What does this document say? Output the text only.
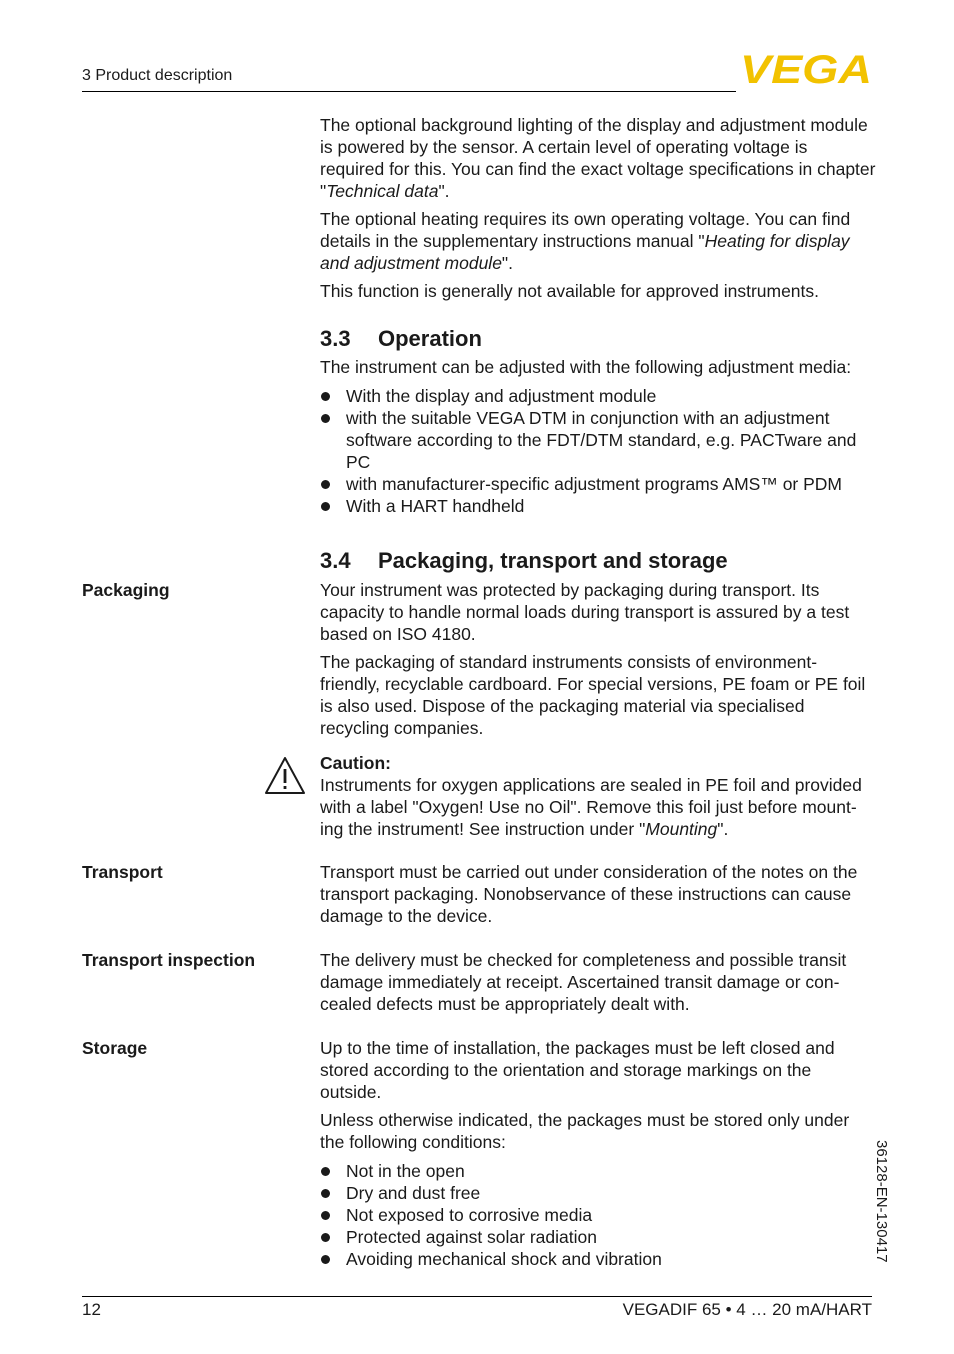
3 Product description	VEGA

The optional background lighting of the display and adjustment module is powered by the sensor. A certain level of operating voltage is required for this. You can find the exact voltage specifications in chapter "Technical data".

The optional heating requires its own operating voltage. You can find details in the supplementary instructions manual "Heating for display and adjustment module".

This function is generally not available for approved instruments.

3.3 Operation

The instrument can be adjusted with the following adjustment media:

With the display and adjustment module
with the suitable VEGA DTM in conjunction with an adjustment software according to the FDT/DTM standard, e.g. PACTware and PC
with manufacturer-specific adjustment programs AMS™ or PDM
With a HART handheld
3.4 Packaging, transport and storage
Packaging	Your instrument was protected by packaging during transport. Its capacity to handle normal loads during transport is assured by a test based on ISO 4180.

The packaging of standard instruments consists of environment-friendly, recyclable cardboard. For special versions, PE foam or PE foil is also used. Dispose of the packaging material via specialised recycling companies.

Caution:

Instruments for oxygen applications are sealed in PE foil and provided with a label "Oxygen! Use no Oil". Remove this foil just before mount-ing the instrument! See instruction under "Mounting".

Transport	Transport must be carried out under consideration of the notes on the transport packaging. Nonobservance of these instructions can cause damage to the device.
Transport inspection	The delivery must be checked for completeness and possible transit damage immediately at receipt. Ascertained transit damage or con-cealed defects must be appropriately dealt with.
Storage	Up to the time of installation, the packages must be left closed and stored according to the orientation and storage markings on the outside.

Unless otherwise indicated, the packages must be stored only under the following conditions:

Not in the open
Dry and dust free
Not exposed to corrosive media
Protected against solar radiation
Avoiding mechanical shock and vibration	36128-EN-130417
12	VEGADIF 65 • 4 … 20 mA/HART
